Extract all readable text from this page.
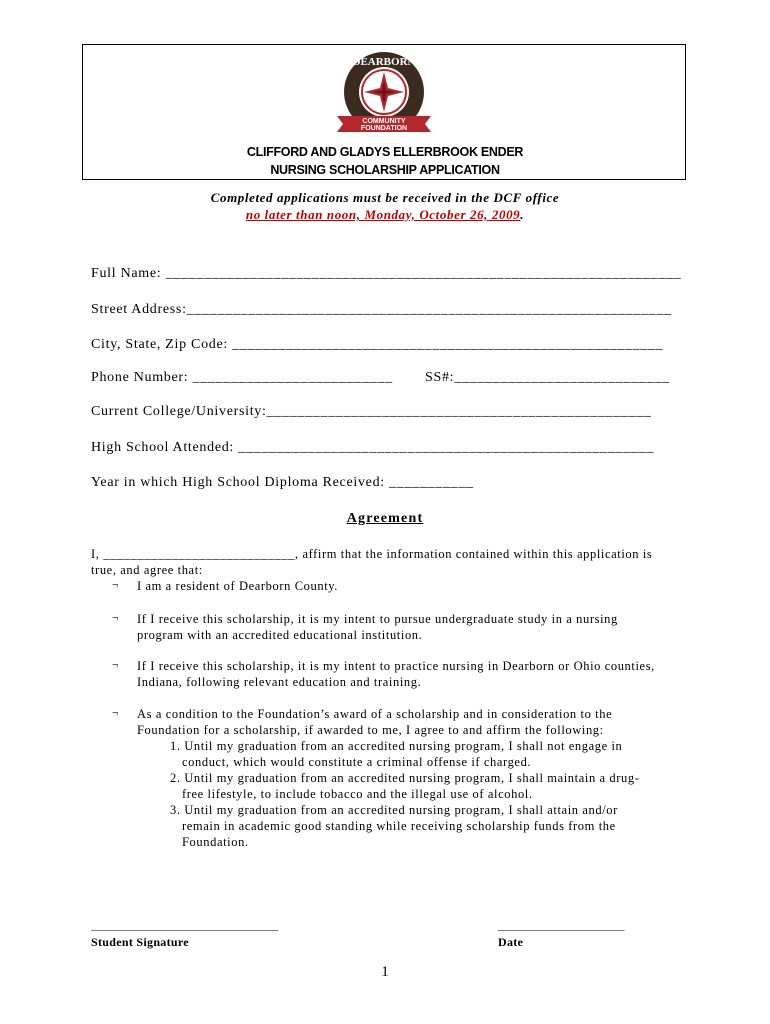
DEARBORN
COMMUNITY
FOUNDATION
CLIFFORD AND GLADYS ELLERBROOK ENDER
NURSING SCHOLARSHIP APPLICATION
Completed applications must be received in the DCF office
no later than noon, Monday, October 26, 2009.
Full Name: ___________________________________________________________________
Street Address:_______________________________________________________________
City, State, Zip Code: ________________________________________________________
Phone Number: __________________________ SS#:____________________________
Current College/University:__________________________________________________
High School Attended: ______________________________________________________
Year in which High School Diploma Received: ___________
Agreement
I, ____________________________, affirm that the information contained within this application is
true, and agree that:
¬ I am a resident of Dearborn County.
¬ If I receive this scholarship, it is my intent to pursue undergraduate study in a nursing
program with an accredited educational institution.
¬ If I receive this scholarship, it is my intent to practice nursing in Dearborn or Ohio counties,
Indiana, following relevant education and training.
¬ As a condition to the Foundation’s award of a scholarship and in consideration to the
Foundation for a scholarship, if awarded to me, I agree to and affirm the following:
1. Until my graduation from an accredited nursing program, I shall not engage in
conduct, which would constitute a criminal offense if charged.
2. Until my graduation from an accredited nursing program, I shall maintain a drug-
free lifestyle, to include tobacco and the illegal use of alcohol.
3. Until my graduation from an accredited nursing program, I shall attain and/or
remain in academic good standing while receiving scholarship funds from the
Foundation.
__________________________________
Student Signature
_______________________
Date
1
